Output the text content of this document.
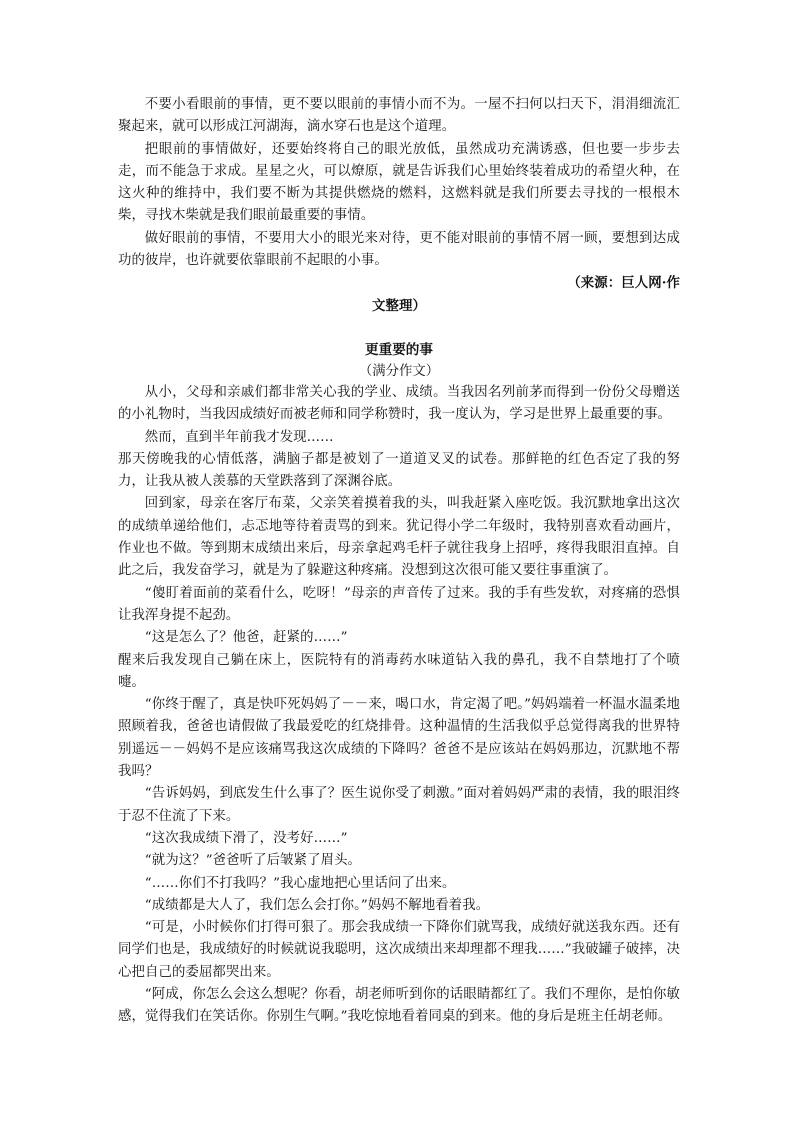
不要小看眼前的事情，更不要以眼前的事情小而不为。一屋不扫何以扫天下，涓涓细流汇聚起来，就可以形成江河湖海，滴水穿石也是这个道理。

把眼前的事情做好，还要始终将自己的眼光放低，虽然成功充满诱惑，但也要一步步去走，而不能急于求成。星星之火，可以燎原，就是告诉我们心里始终装着成功的希望火种，在这火种的维持中，我们要不断为其提供燃烧的燃料，这燃料就是我们所要去寻找的一根根木柴，寻找木柴就是我们眼前最重要的事情。

做好眼前的事情，不要用大小的眼光来对待，更不能对眼前的事情不屑一顾，要想到达成功的彼岸，也许就要依靠眼前不起眼的小事。

（来源：巨人网·作

文整理）

更重要的事
（满分作文）

从小，父母和亲戚们都非常关心我的学业、成绩。当我因名列前茅而得到一份份父母赠送的小礼物时，当我因成绩好而被老师和同学称赞时，我一度认为，学习是世界上最重要的事。

然而，直到半年前我才发现……

那天傍晚我的心情低落，满脑子都是被划了一道道叉叉的试卷。那鲜艳的红色否定了我的努力，让我从被人羡慕的天堂跌落到了深渊谷底。

回到家，母亲在客厅布菜，父亲笑着摸着我的头，叫我赶紧入座吃饭。我沉默地拿出这次的成绩单递给他们，忐忑地等待着责骂的到来。犹记得小学二年级时，我特别喜欢看动画片，作业也不做。等到期末成绩出来后，母亲拿起鸡毛杆子就往我身上招呼，疼得我眼泪直掉。自此之后，我发奋学习，就是为了躲避这种疼痛。没想到这次很可能又要往事重演了。

“傻盯着面前的菜看什么，吃呀！”母亲的声音传了过来。我的手有些发软，对疼痛的恐惧让我浑身提不起劲。

“这是怎么了？他爸，赶紧的……”

醒来后我发现自己躺在床上，医院特有的消毒药水味道钻入我的鼻孔，我不自禁地打了个喷嚏。

“你终于醒了，真是快吓死妈妈了－－来，喝口水，肯定渴了吧。”妈妈端着一杯温水温柔地照顾着我，爸爸也请假做了我最爱吃的红烧排骨。这种温情的生活我似乎总觉得离我的世界特别遥远－－妈妈不是应该痛骂我这次成绩的下降吗？爸爸不是应该站在妈妈那边，沉默地不帮我吗？

“告诉妈妈，到底发生什么事了？医生说你受了刺激。”面对着妈妈严肃的表情，我的眼泪终于忍不住流了下来。

“这次我成绩下滑了，没考好……”

“就为这？”爸爸听了后皱紧了眉头。

“……你们不打我吗？”我心虚地把心里话问了出来。

“成绩都是大人了，我们怎么会打你。”妈妈不解地看着我。

“可是，小时候你们打得可狠了。那会我成绩一下降你们就骂我，成绩好就送我东西。还有同学们也是，我成绩好的时候就说我聪明，这次成绩出来却理都不理我……”我破罐子破摔，决心把自己的委屈都哭出来。

“阿成，你怎么会这么想呢？你看，胡老师听到你的话眼睛都红了。我们不理你，是怕你敏感，觉得我们在笑话你。你别生气啊。”我吃惊地看着同桌的到来。他的身后是班主任胡老师。
